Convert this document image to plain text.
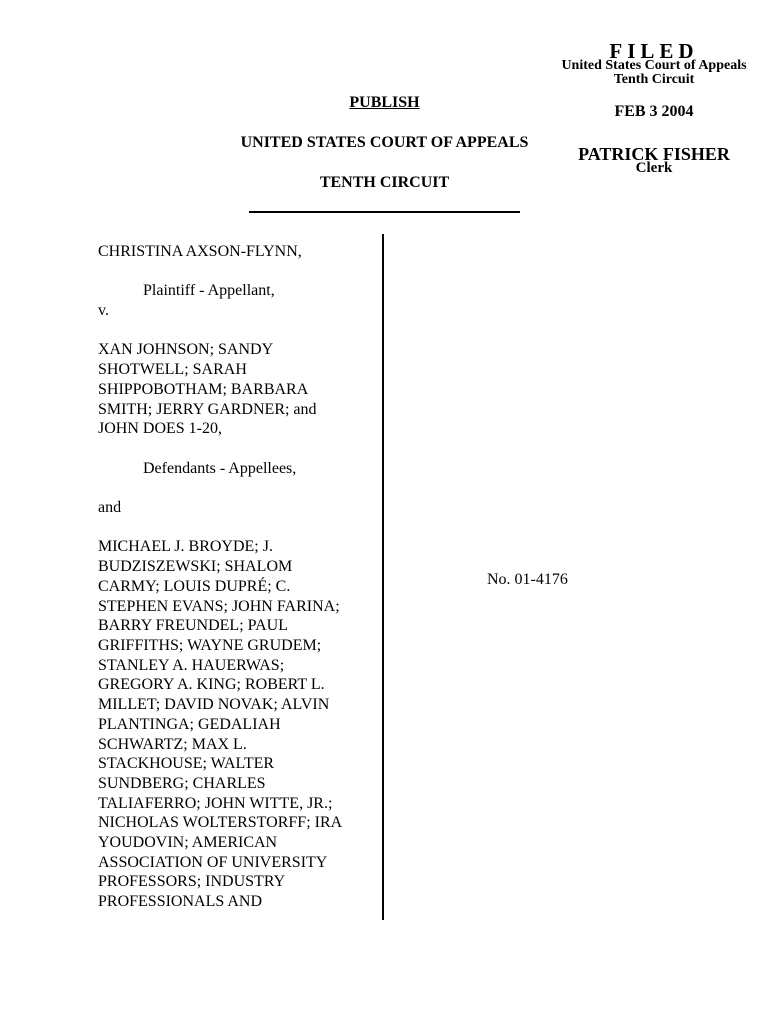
FILED
United States Court of Appeals
Tenth Circuit
FEB 3 2004
PATRICK FISHER
Clerk
PUBLISH
UNITED STATES COURT OF APPEALS
TENTH CIRCUIT
CHRISTINA AXSON-FLYNN,
Plaintiff - Appellant,
v.
XAN JOHNSON; SANDY
SHOTWELL; SARAH
SHIPPOBOTHAM; BARBARA
SMITH; JERRY GARDNER; and
JOHN DOES 1-20,
Defendants - Appellees,
and
MICHAEL J. BROYDE; J.
BUDZISZEWSKI; SHALOM
CARMY; LOUIS DUPRÉ; C.
STEPHEN EVANS; JOHN FARINA;
BARRY FREUNDEL; PAUL
GRIFFITHS; WAYNE GRUDEM;
STANLEY A. HAUERWAS;
GREGORY A. KING; ROBERT L.
MILLET; DAVID NOVAK; ALVIN
PLANTINGA; GEDALIAH
SCHWARTZ; MAX L.
STACKHOUSE; WALTER
SUNDBERG; CHARLES
TALIAFERRO; JOHN WITTE, JR.;
NICHOLAS WOLTERSTORFF; IRA
YOUDOVIN; AMERICAN
ASSOCIATION OF UNIVERSITY
PROFESSORS; INDUSTRY
PROFESSIONALS AND
No. 01-4176
